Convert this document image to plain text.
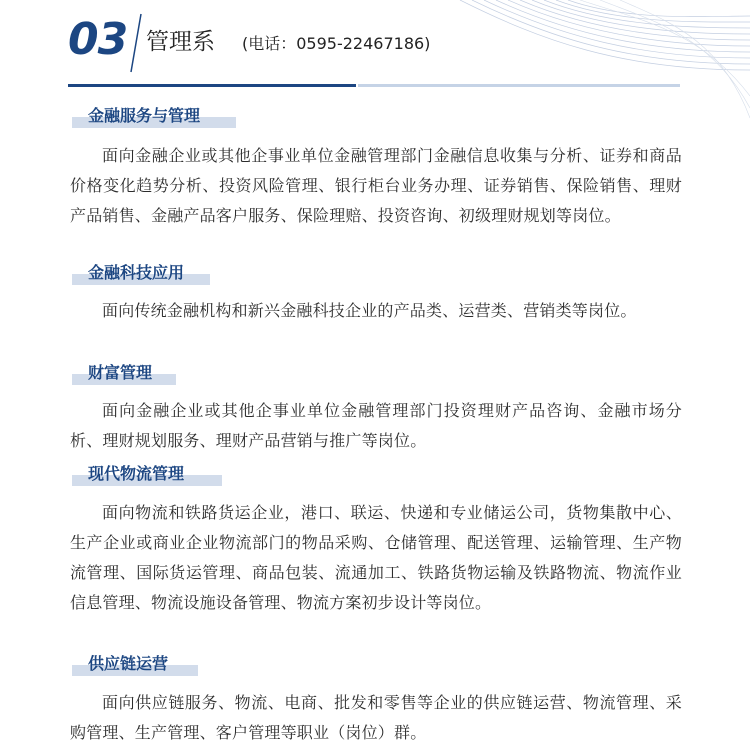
03 管理系 (电话：0595-22467186)
金融服务与管理

面向金融企业或其他企事业单位金融管理部门金融信息收集与分析、证券和商品价格变化趋势分析、投资风险管理、银行柜台业务办理、证券销售、保险销售、理财产品销售、金融产品客户服务、保险理赔、投资咨询、初级理财规划等岗位。

金融科技应用

面向传统金融机构和新兴金融科技企业的产品类、运营类、营销类等岗位。

财富管理

面向金融企业或其他企事业单位金融管理部门投资理财产品咨询、金融市场分析、理财规划服务、理财产品营销与推广等岗位。

现代物流管理

面向物流和铁路货运企业，港口、联运、快递和专业储运公司，货物集散中心、生产企业或商业企业物流部门的物品采购、仓储管理、配送管理、运输管理、生产物流管理、国际货运管理、商品包装、流通加工、铁路货物运输及铁路物流、物流作业信息管理、物流设施设备管理、物流方案初步设计等岗位。

供应链运营

面向供应链服务、物流、电商、批发和零售等企业的供应链运营、物流管理、采购管理、生产管理、客户管理等职业（岗位）群。
